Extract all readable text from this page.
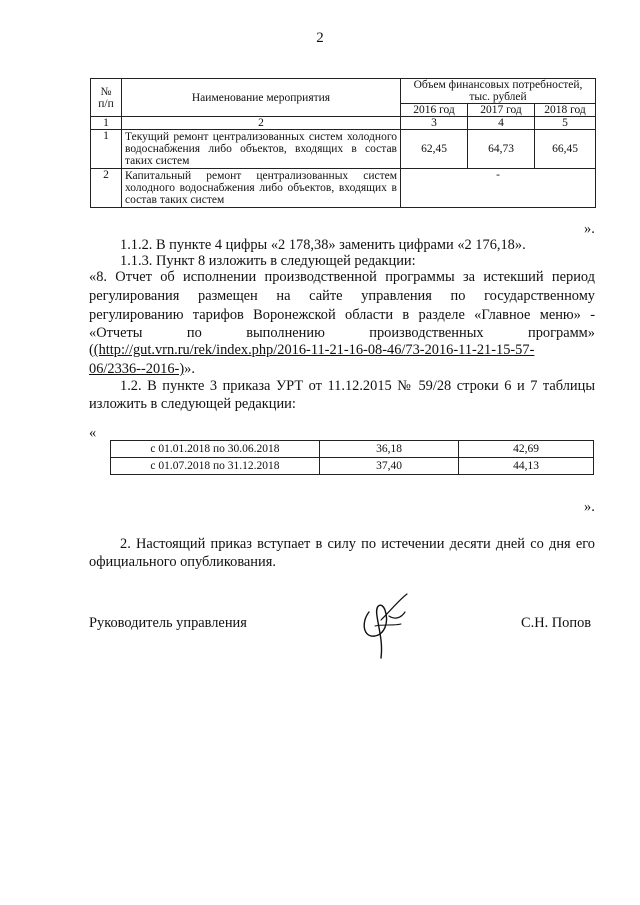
2
№
п/п	Наименование мероприятия	Объем финансовых потребностей, тыс. рублей		
		2016 год	2017 год	2018 год
1	2	3	4	5
1	Текущий ремонт централизованных систем холодного водоснабжения либо объектов, входящих в состав таких систем	62,45	64,73	66,45
2	Капитальный ремонт централизованных систем холодного водоснабжения либо объектов, входящих в состав таких систем	-		
».
1.1.2. В пункте 4 цифры «2 178,38» заменить цифрами «2 176,18».
1.1.3. Пункт 8 изложить в следующей редакции:
«8. Отчет об исполнении производственной программы за истекший период
регулирования размещен на сайте управления по государственному
регулированию тарифов Воронежской области в разделе «Главное меню» -
«Отчеты по выполнению производственных программ»
((http://gut.vrn.ru/rek/index.php/2016-11-21-16-08-46/73-2016-11-21-15-57-
06/2336--2016-)».
1.2. В пункте 3 приказа УРТ от 11.12.2015 № 59/28 строки 6 и 7 таблицы
изложить в следующей редакции:
«
с 01.01.2018 по 30.06.2018	36,18	42,69
с 01.07.2018 по 31.12.2018	37,40	44,13
».
2. Настоящий приказ вступает в силу по истечении десяти дней со дня его
официального опубликования.
Руководитель управления	С.Н. Попов
